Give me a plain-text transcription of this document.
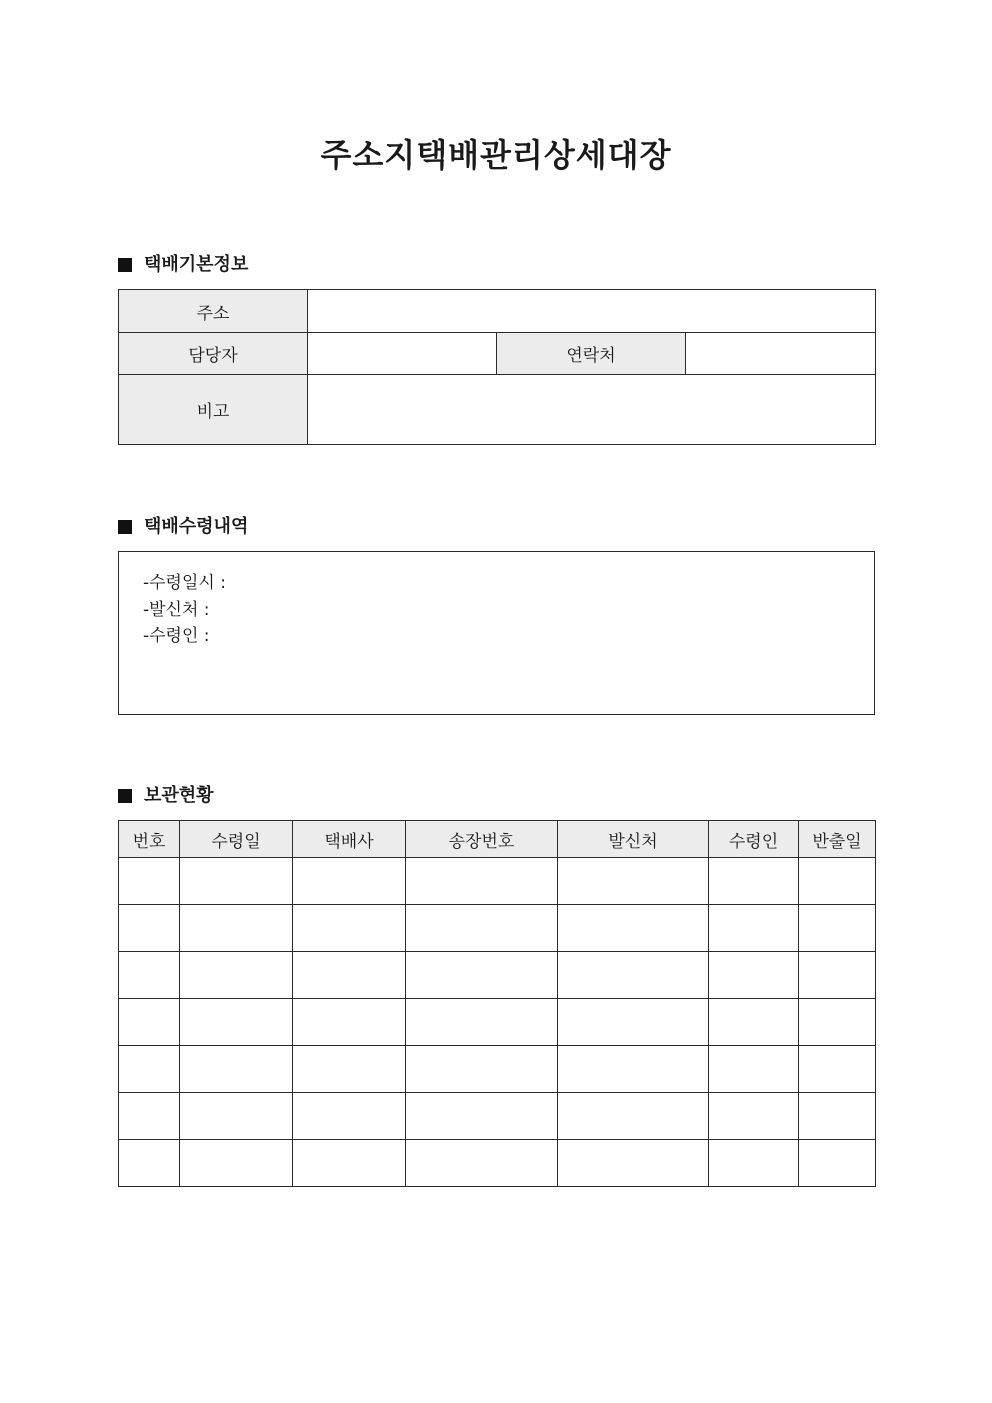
주소지택배관리상세대장
택배기본정보
주소			
담당자		연락처	
비고			
택배수령내역
-수령일시 :
-발신처 :
-수령인 :
보관현황
번호	수령일	택배사	송장번호	발신처	수령인	반출일
